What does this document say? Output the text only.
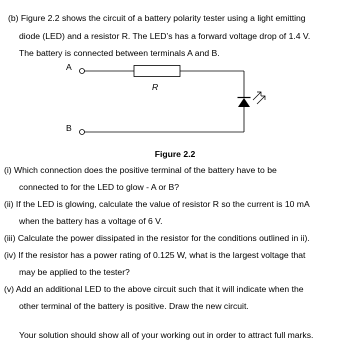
(b) Figure 2.2 shows the circuit of a battery polarity tester using a light emitting
diode (LED) and a resistor R. The LED’s has a forward voltage drop of 1.4 V.
The battery is connected between terminals A and B.
A
B
R
Figure 2.2
(i) Which connection does the positive terminal of the battery have to be
connected to for the LED to glow - A or B?
(ii) If the LED is glowing, calculate the value of resistor R so the current is 10 mA
when the battery has a voltage of 6 V.
(iii) Calculate the power dissipated in the resistor for the conditions outlined in ii).
(iv) If the resistor has a power rating of 0.125 W, what is the largest voltage that
may be applied to the tester?
(v) Add an additional LED to the above circuit such that it will indicate when the
other terminal of the battery is positive. Draw the new circuit.
Your solution should show all of your working out in order to attract full marks.
